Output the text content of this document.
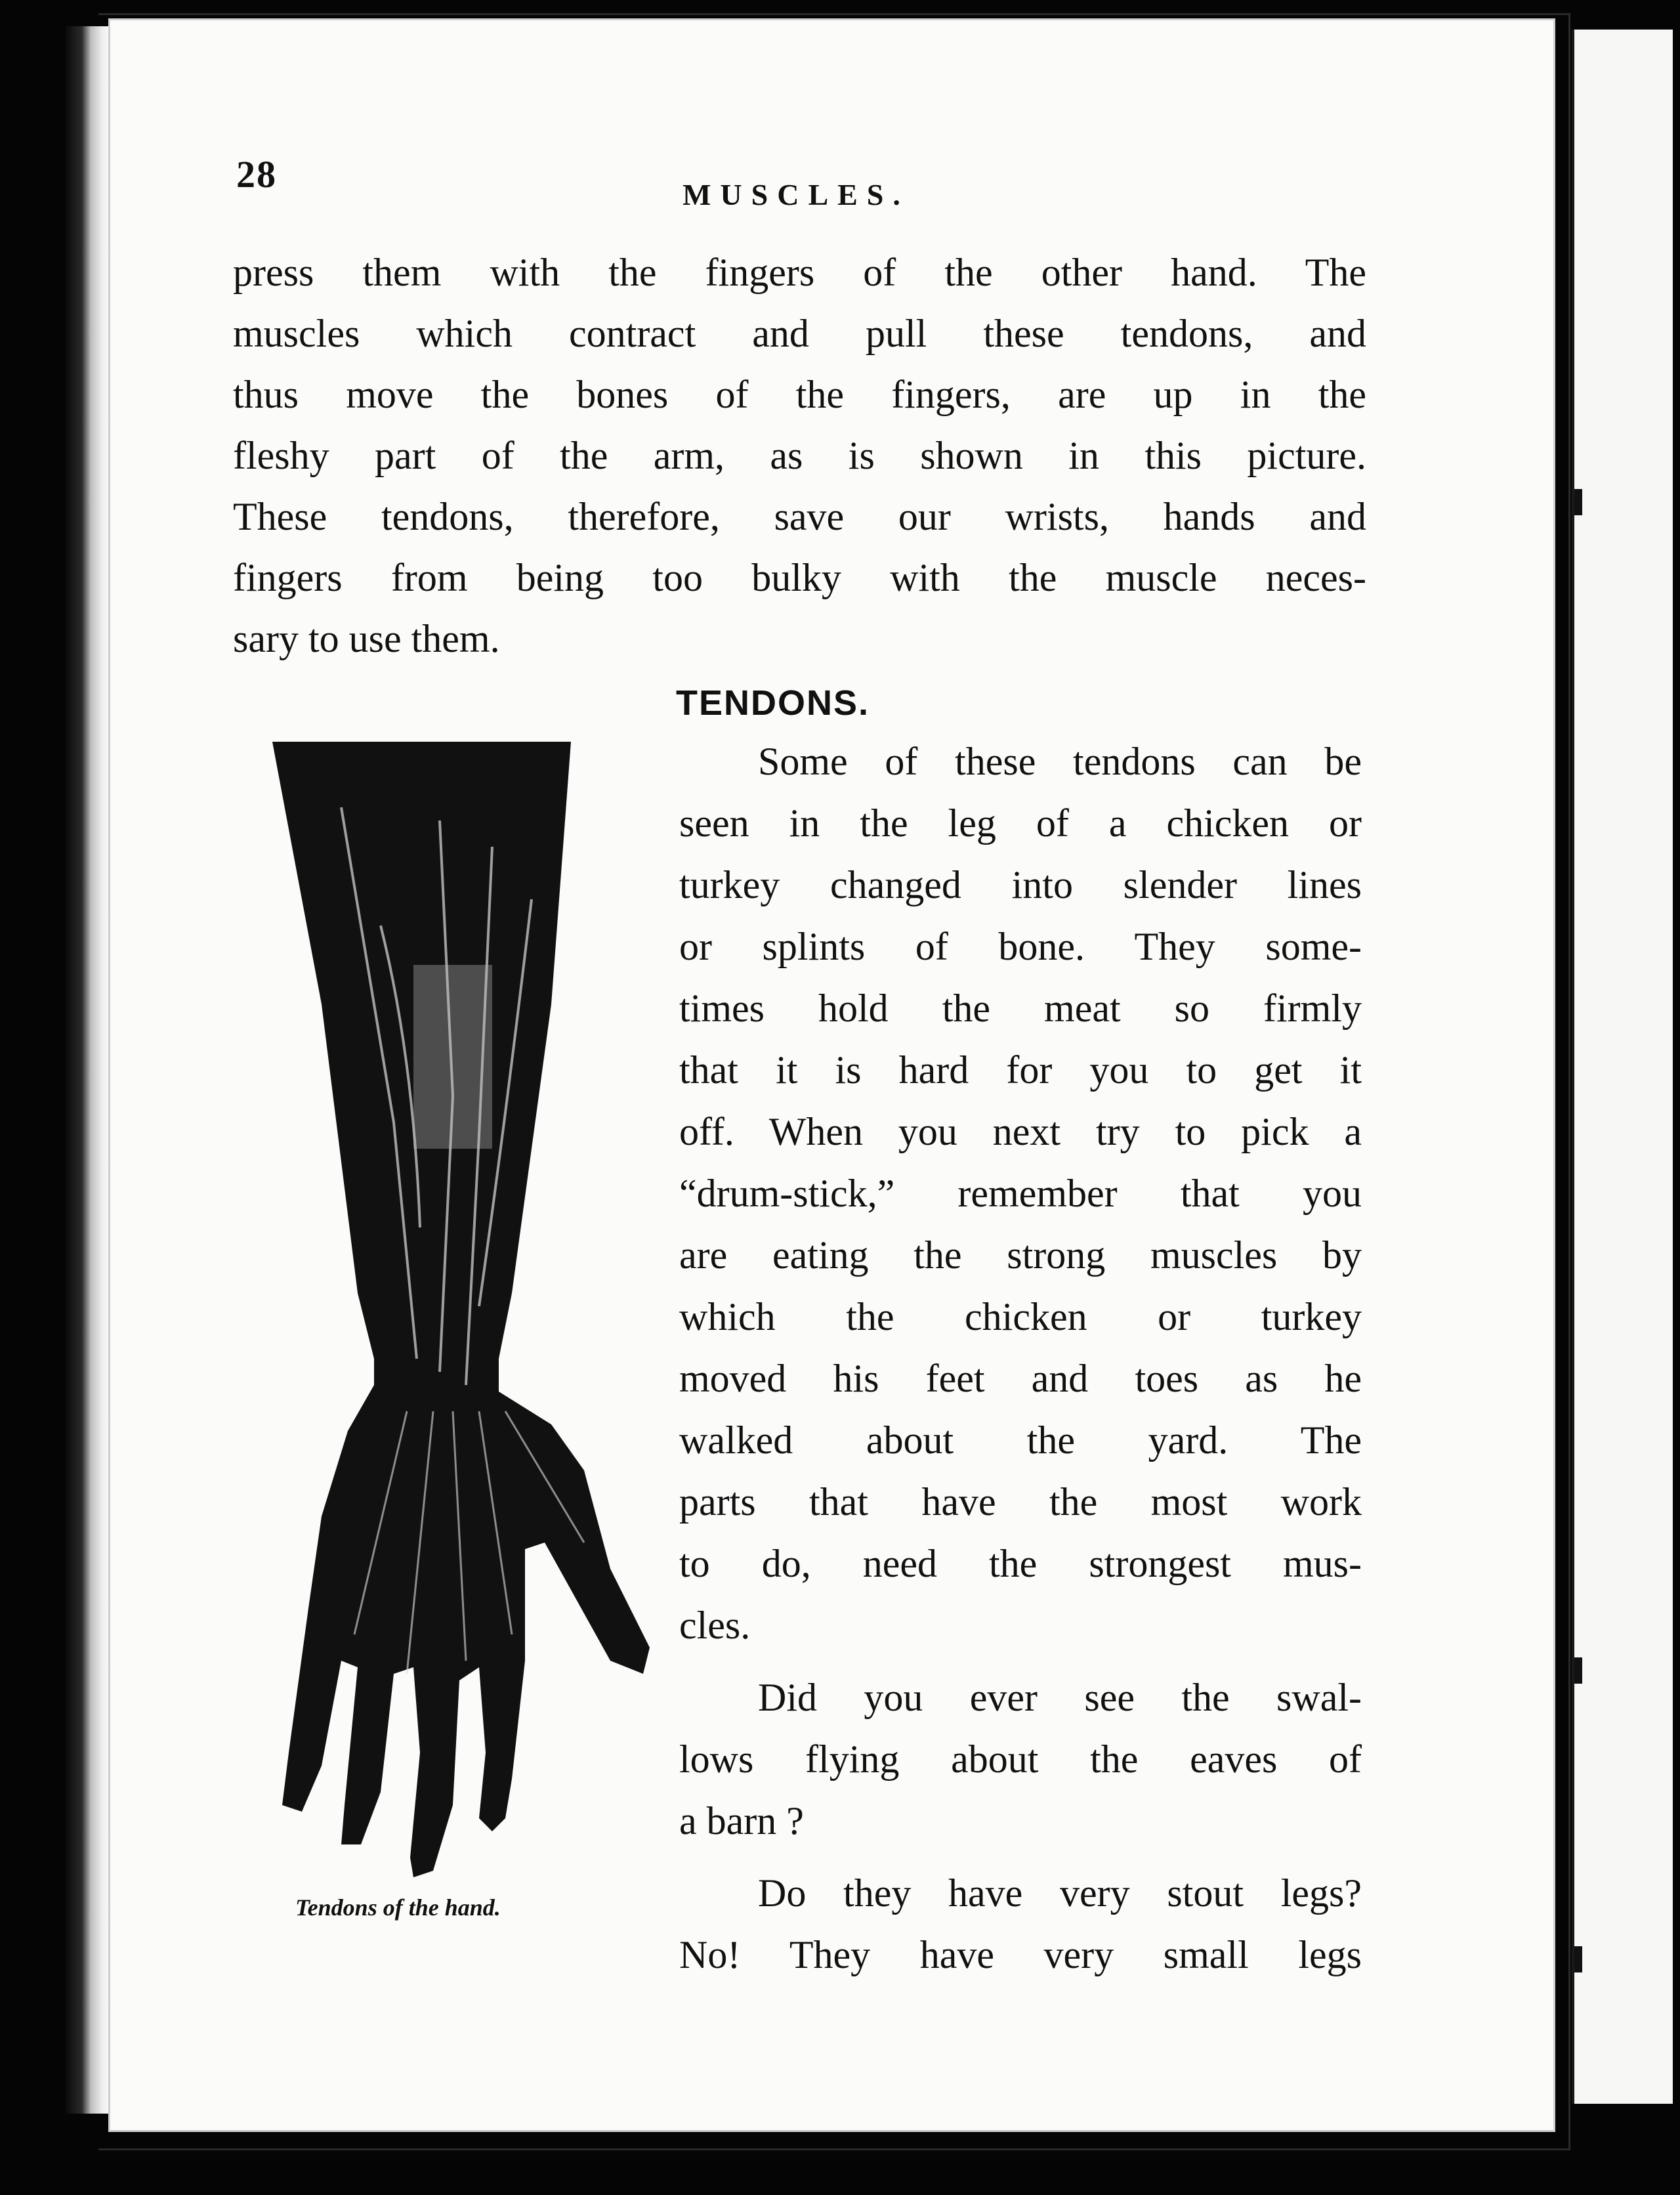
28	MUSCLES.
press them with the fingers of the other hand. The
muscles which contract and pull these tendons, and
thus move the bones of the fingers, are up in the
fleshy part of the arm, as is shown in this picture.
These tendons, therefore, save our wrists, hands and
fingers from being too bulky with the muscle neces-
sary to use them.
TENDONS.
Some of these tendons can be
seen in the leg of a chicken or
turkey changed into slender lines
or splints of bone. They some-
times hold the meat so firmly
that it is hard for you to get it
off. When you next try to pick a
“drum-stick,” remember that you
are eating the strong muscles by
which the chicken or turkey
moved his feet and toes as he
walked about the yard. The
parts that have the most work
to do, need the strongest mus-
cles.
Did you ever see the swal-
lows flying about the eaves of
a barn ?
Do they have very stout legs?
No! They have very small legs
Tendons of the hand.
